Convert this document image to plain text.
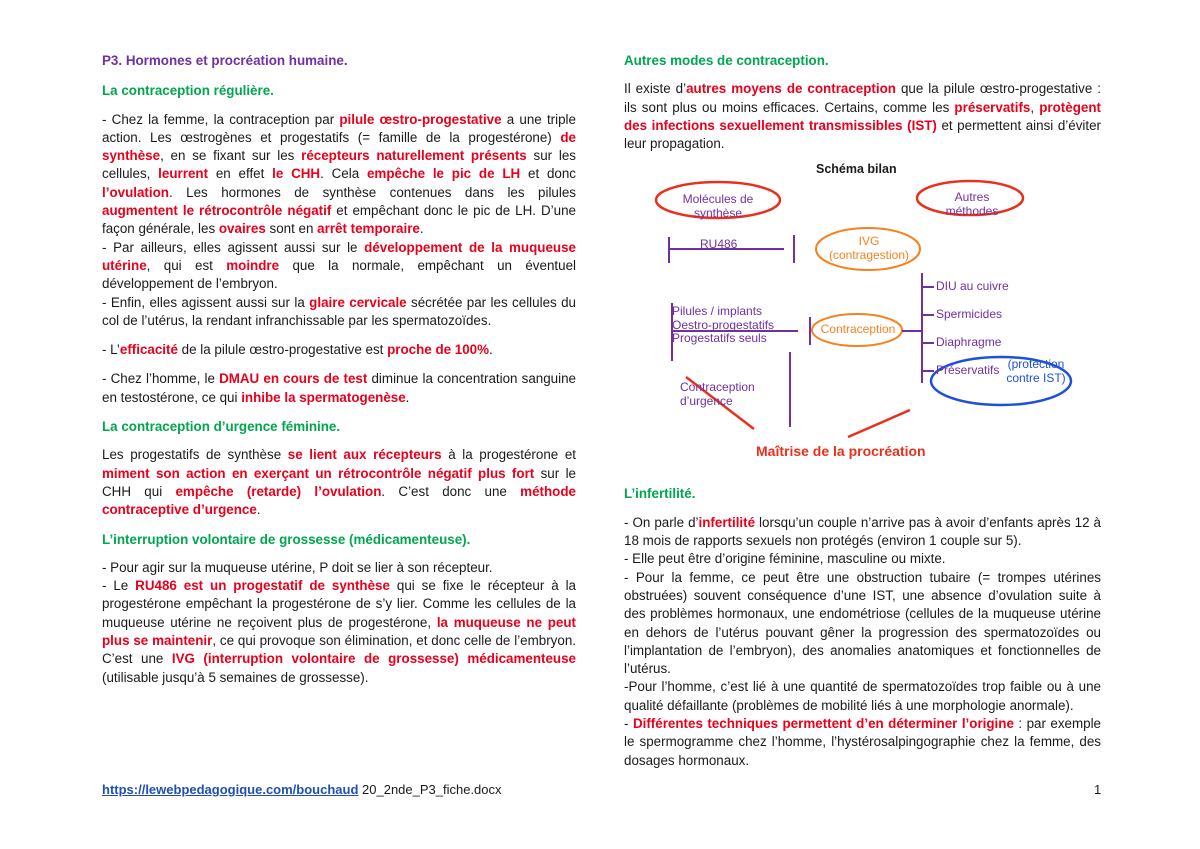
P3. Hormones et procréation humaine.
La contraception régulière.

- Chez la femme, la contraception par pilule œstro-progestative a une triple action. Les œstrogènes et progestatifs (= famille de la progestérone) de synthèse, en se fixant sur les récepteurs naturellement présents sur les cellules, leurrent en effet le CHH. Cela empêche le pic de LH et donc l’ovulation. Les hormones de synthèse contenues dans les pilules augmentent le rétrocontrôle négatif et empêchant donc le pic de LH. D’une façon générale, les ovaires sont en arrêt temporaire.
- Par ailleurs, elles agissent aussi sur le développement de la muqueuse utérine, qui est moindre que la normale, empêchant un éventuel développement de l’embryon.
- Enfin, elles agissent aussi sur la glaire cervicale sécrétée par les cellules du col de l’utérus, la rendant infranchissable par les spermatozoïdes.

- L’efficacité de la pilule œstro-progestative est proche de 100%.

- Chez l’homme, le DMAU en cours de test diminue la concentration sanguine en testostérone, ce qui inhibe la spermatogenèse.

La contraception d’urgence féminine.

Les progestatifs de synthèse se lient aux récepteurs à la progestérone et miment son action en exerçant un rétrocontrôle négatif plus fort sur le CHH qui empêche (retarde) l’ovulation. C’est donc une méthode contraceptive d’urgence.

L’interruption volontaire de grossesse (médicamenteuse).

- Pour agir sur la muqueuse utérine, P doit se lier à son récepteur.
- Le RU486 est un progestatif de synthèse qui se fixe le récepteur à la progestérone empêchant la progestérone de s’y lier. Comme les cellules de la muqueuse utérine ne reçoivent plus de progestérone, la muqueuse ne peut plus se maintenir, ce qui provoque son élimination, et donc celle de l’embryon. C’est une IVG (interruption volontaire de grossesse) médicamenteuse (utilisable jusqu’à 5 semaines de grossesse).

Autres modes de contraception.

Il existe d’autres moyens de contraception que la pilule œstro-progestative : ils sont plus ou moins efficaces. Certains, comme les préservatifs, protègent des infections sexuellement transmissibles (IST) et permettent ainsi d’éviter leur propagation.

Schéma bilan
Molécules de synthèse
Autres méthodes
RU486	IVG
(contragestion)
Pilules / implants
Oestro-progestatifs
Progestatifs seuls
Contraception
DIU au cuivre
Spermicides
Diaphragme
Préservatifs (protection
contre IST)
Contraception
d’urgence
Maîtrise de la procréation
L’infertilité.

- On parle d’infertilité lorsqu’un couple n’arrive pas à avoir d’enfants après 12 à 18 mois de rapports sexuels non protégés (environ 1 couple sur 5).
- Elle peut être d’origine féminine, masculine ou mixte.
- Pour la femme, ce peut être une obstruction tubaire (= trompes utérines obstruées) souvent conséquence d’une IST, une absence d’ovulation suite à des problèmes hormonaux, une endométriose (cellules de la muqueuse utérine en dehors de l’utérus pouvant gêner la progression des spermatozoïdes ou l’implantation de l’embryon), des anomalies anatomiques et fonctionnelles de l’utérus.
-Pour l’homme, c’est lié à une quantité de spermatozoïdes trop faible ou à une qualité défaillante (problèmes de mobilité liés à une morphologie anormale).
- Différentes techniques permettent d’en déterminer l’origine : par exemple le spermogramme chez l’homme, l’hystérosalpingographie chez la femme, des dosages hormonaux.

https://lewebpedagogique.com/bouchaud 20_2nde_P3_fiche.docx	1
